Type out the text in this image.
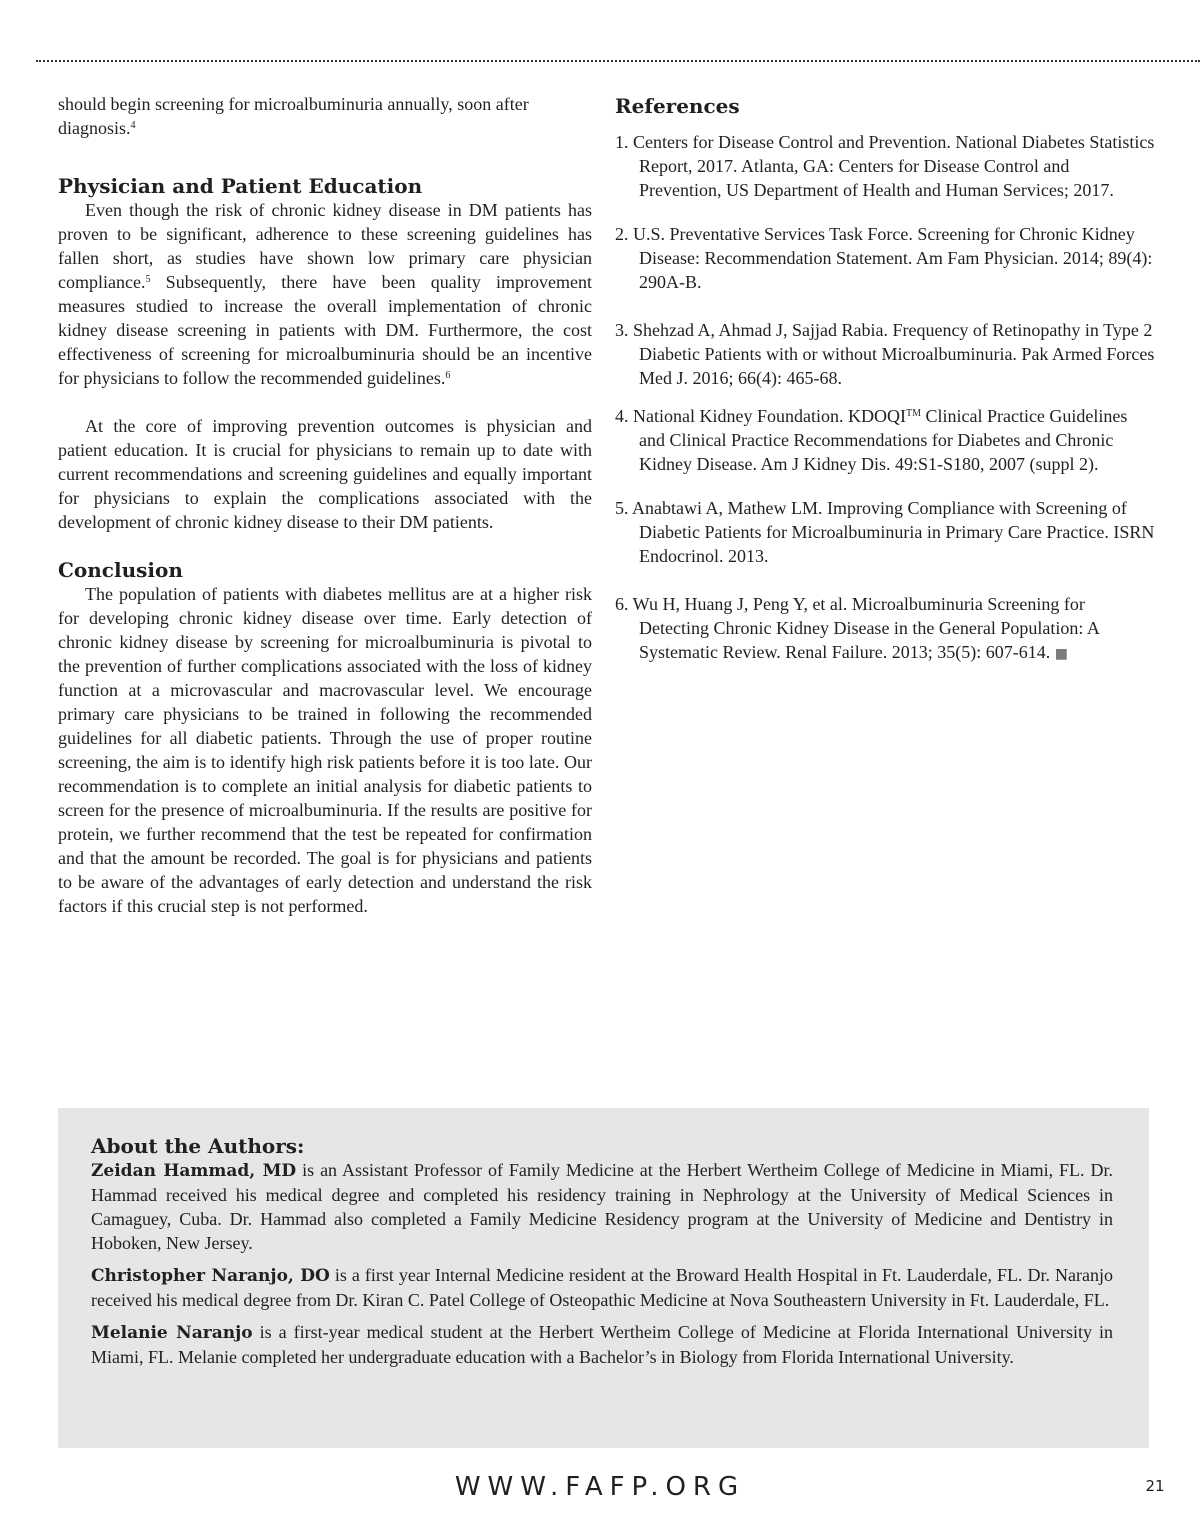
should begin screening for microalbuminuria annually, soon after diagnosis.$^4$

Physician and Patient Education

Even though the risk of chronic kidney disease in DM patients has proven to be significant, adherence to these screening guidelines has fallen short, as studies have shown low primary care physician compliance.$^5$ Subsequently, there have been quality improvement measures studied to increase the overall implementation of chronic kidney disease screening in patients with DM. Furthermore, the cost effectiveness of screening for microalbuminuria should be an incentive for physicians to follow the recommended guidelines.$^6$

At the core of improving prevention outcomes is physician and patient education. It is crucial for physicians to remain up to date with current recommendations and screening guidelines and equally important for physicians to explain the complications associated with the development of chronic kidney disease to their DM patients.

Conclusion

The population of patients with diabetes mellitus are at a higher risk for developing chronic kidney disease over time. Early detection of chronic kidney disease by screening for microalbuminuria is pivotal to the prevention of further complications associated with the loss of kidney function at a microvascular and macrovascular level. We encourage primary care physicians to be trained in following the recommended guidelines for all diabetic patients. Through the use of proper routine screening, the aim is to identify high risk patients before it is too late. Our recommendation is to complete an initial analysis for diabetic patients to screen for the presence of microalbuminuria. If the results are positive for protein, we further recommend that the test be repeated for confirmation and that the amount be recorded. The goal is for physicians and patients to be aware of the advantages of early detection and understand the risk factors if this crucial step is not performed.

References
1. Centers for Disease Control and Prevention. National Diabetes Statistics Report, 2017. Atlanta, GA: Centers for Disease Control and Prevention, US Department of Health and Human Services; 2017.
2. U.S. Preventative Services Task Force. Screening for Chronic Kidney Disease: Recommendation Statement. Am Fam Physician. 2014; 89(4): 290A-B.
3. Shehzad A, Ahmad J, Sajjad Rabia. Frequency of Retinopathy in Type 2 Diabetic Patients with or without Microalbuminuria. Pak Armed Forces Med J. 2016; 66(4): 465-68.
4. National Kidney Foundation. KDOQI™ Clinical Practice Guidelines and Clinical Practice Recommendations for Diabetes and Chronic Kidney Disease. Am J Kidney Dis. 49:S1-S180, 2007 (suppl 2).
5. Anabtawi A, Mathew LM. Improving Compliance with Screening of Diabetic Patients for Microalbuminuria in Primary Care Practice. ISRN Endocrinol. 2013.
6. Wu H, Huang J, Peng Y, et al. Microalbuminuria Screening for Detecting Chronic Kidney Disease in the General Population: A Systematic Review. Renal Failure. 2013; 35(5): 607-614. ■
About the Authors:

Zeidan Hammad, MD is an Assistant Professor of Family Medicine at the Herbert Wertheim College of Medicine in Miami, FL. Dr. Hammad received his medical degree and completed his residency training in Nephrology at the University of Medical Sciences in Camaguey, Cuba. Dr. Hammad also completed a Family Medicine Residency program at the University of Medicine and Dentistry in Hoboken, New Jersey.

Christopher Naranjo, DO is a first year Internal Medicine resident at the Broward Health Hospital in Ft. Lauderdale, FL. Dr. Naranjo received his medical degree from Dr. Kiran C. Patel College of Osteopathic Medicine at Nova Southeastern University in Ft. Lauderdale, FL.

Melanie Naranjo is a first-year medical student at the Herbert Wertheim College of Medicine at Florida International University in Miami, FL. Melanie completed her undergraduate education with a Bachelor’s in Biology from Florida International University.

WWW.FAFP.ORG	21
